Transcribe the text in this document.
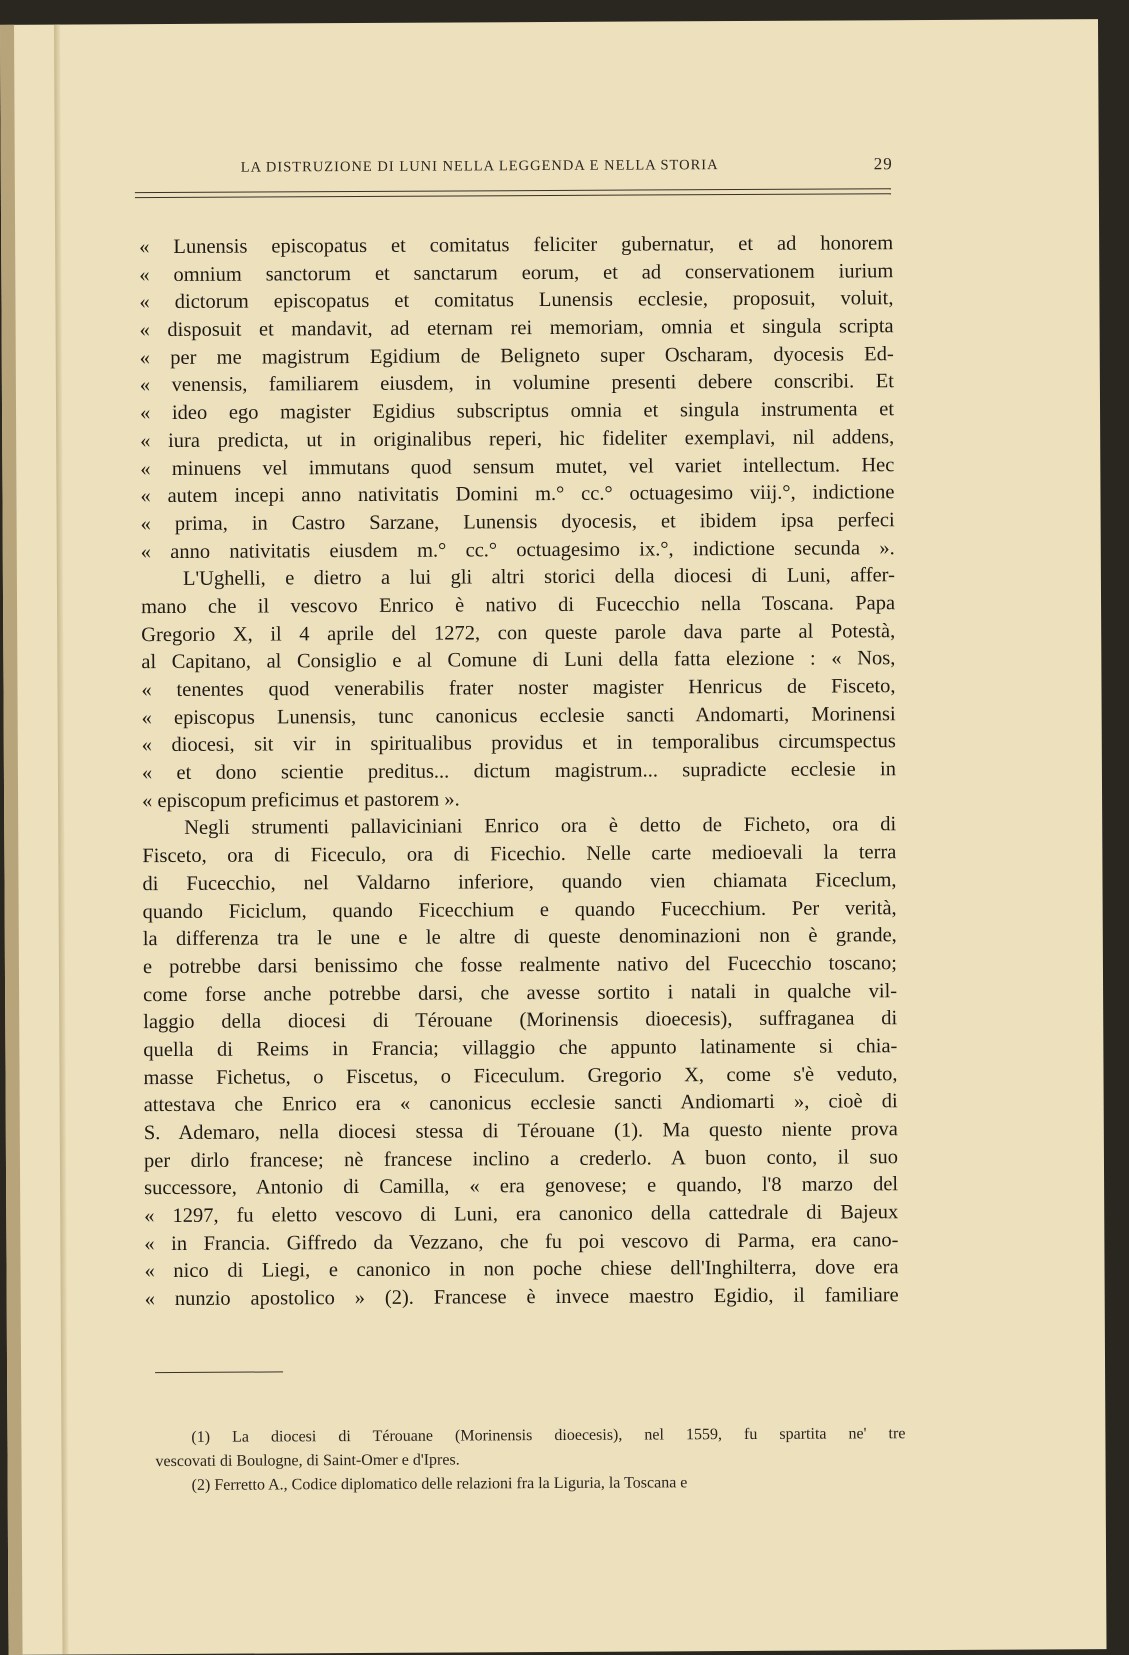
LA DISTRUZIONE DI LUNI NELLA LEGGENDA E NELLA STORIA	29
« Lunensis episcopatus et comitatus feliciter gubernatur, et ad honorem
« omnium sanctorum et sanctarum eorum, et ad conservationem iurium
« dictorum episcopatus et comitatus Lunensis ecclesie, proposuit, voluit,
« disposuit et mandavit, ad eternam rei memoriam, omnia et singula scripta
« per me magistrum Egidium de Beligneto super Oscharam, dyocesis Ed-
« venensis, familiarem eiusdem, in volumine presenti debere conscribi. Et
« ideo ego magister Egidius subscriptus omnia et singula instrumenta et
« iura predicta, ut in originalibus reperi, hic fideliter exemplavi, nil addens,
« minuens vel immutans quod sensum mutet, vel variet intellectum. Hec
« autem incepi anno nativitatis Domini m.° cc.° octuagesimo viij.°, indictione
« prima, in Castro Sarzane, Lunensis dyocesis, et ibidem ipsa perfeci
« anno nativitatis eiusdem m.° cc.° octuagesimo ix.°, indictione secunda ».
L'Ughelli, e dietro a lui gli altri storici della diocesi di Luni, affer-
mano che il vescovo Enrico è nativo di Fucecchio nella Toscana. Papa
Gregorio X, il 4 aprile del 1272, con queste parole dava parte al Potestà,
al Capitano, al Consiglio e al Comune di Luni della fatta elezione : « Nos,
« tenentes quod venerabilis frater noster magister Henricus de Fisceto,
« episcopus Lunensis, tunc canonicus ecclesie sancti Andomarti, Morinensi
« diocesi, sit vir in spiritualibus providus et in temporalibus circumspectus
« et dono scientie preditus... dictum magistrum... supradicte ecclesie in
« episcopum preficimus et pastorem ».
Negli strumenti pallaviciniani Enrico ora è detto de Ficheto, ora di
Fisceto, ora di Ficeculo, ora di Ficechio. Nelle carte medioevali la terra
di Fucecchio, nel Valdarno inferiore, quando vien chiamata Ficeclum,
quando Ficiclum, quando Ficecchium e quando Fucecchium. Per verità,
la differenza tra le une e le altre di queste denominazioni non è grande,
e potrebbe darsi benissimo che fosse realmente nativo del Fucecchio toscano;
come forse anche potrebbe darsi, che avesse sortito i natali in qualche vil-
laggio della diocesi di Térouane (Morinensis dioecesis), suffraganea di
quella di Reims in Francia; villaggio che appunto latinamente si chia-
masse Fichetus, o Fiscetus, o Ficeculum. Gregorio X, come s'è veduto,
attestava che Enrico era « canonicus ecclesie sancti Andiomarti », cioè di
S. Ademaro, nella diocesi stessa di Térouane (1). Ma questo niente prova
per dirlo francese; nè francese inclino a crederlo. A buon conto, il suo
successore, Antonio di Camilla, « era genovese; e quando, l'8 marzo del
« 1297, fu eletto vescovo di Luni, era canonico della cattedrale di Bajeux
« in Francia. Giffredo da Vezzano, che fu poi vescovo di Parma, era cano-
« nico di Liegi, e canonico in non poche chiese dell'Inghilterra, dove era
« nunzio apostolico » (2). Francese è invece maestro Egidio, il familiare
(1) La diocesi di Térouane (Morinensis dioecesis), nel 1559, fu spartita ne' tre
vescovati di Boulogne, di Saint-Omer e d'Ipres.
(2) Ferretto A., Codice diplomatico delle relazioni fra la Liguria, la Toscana e
